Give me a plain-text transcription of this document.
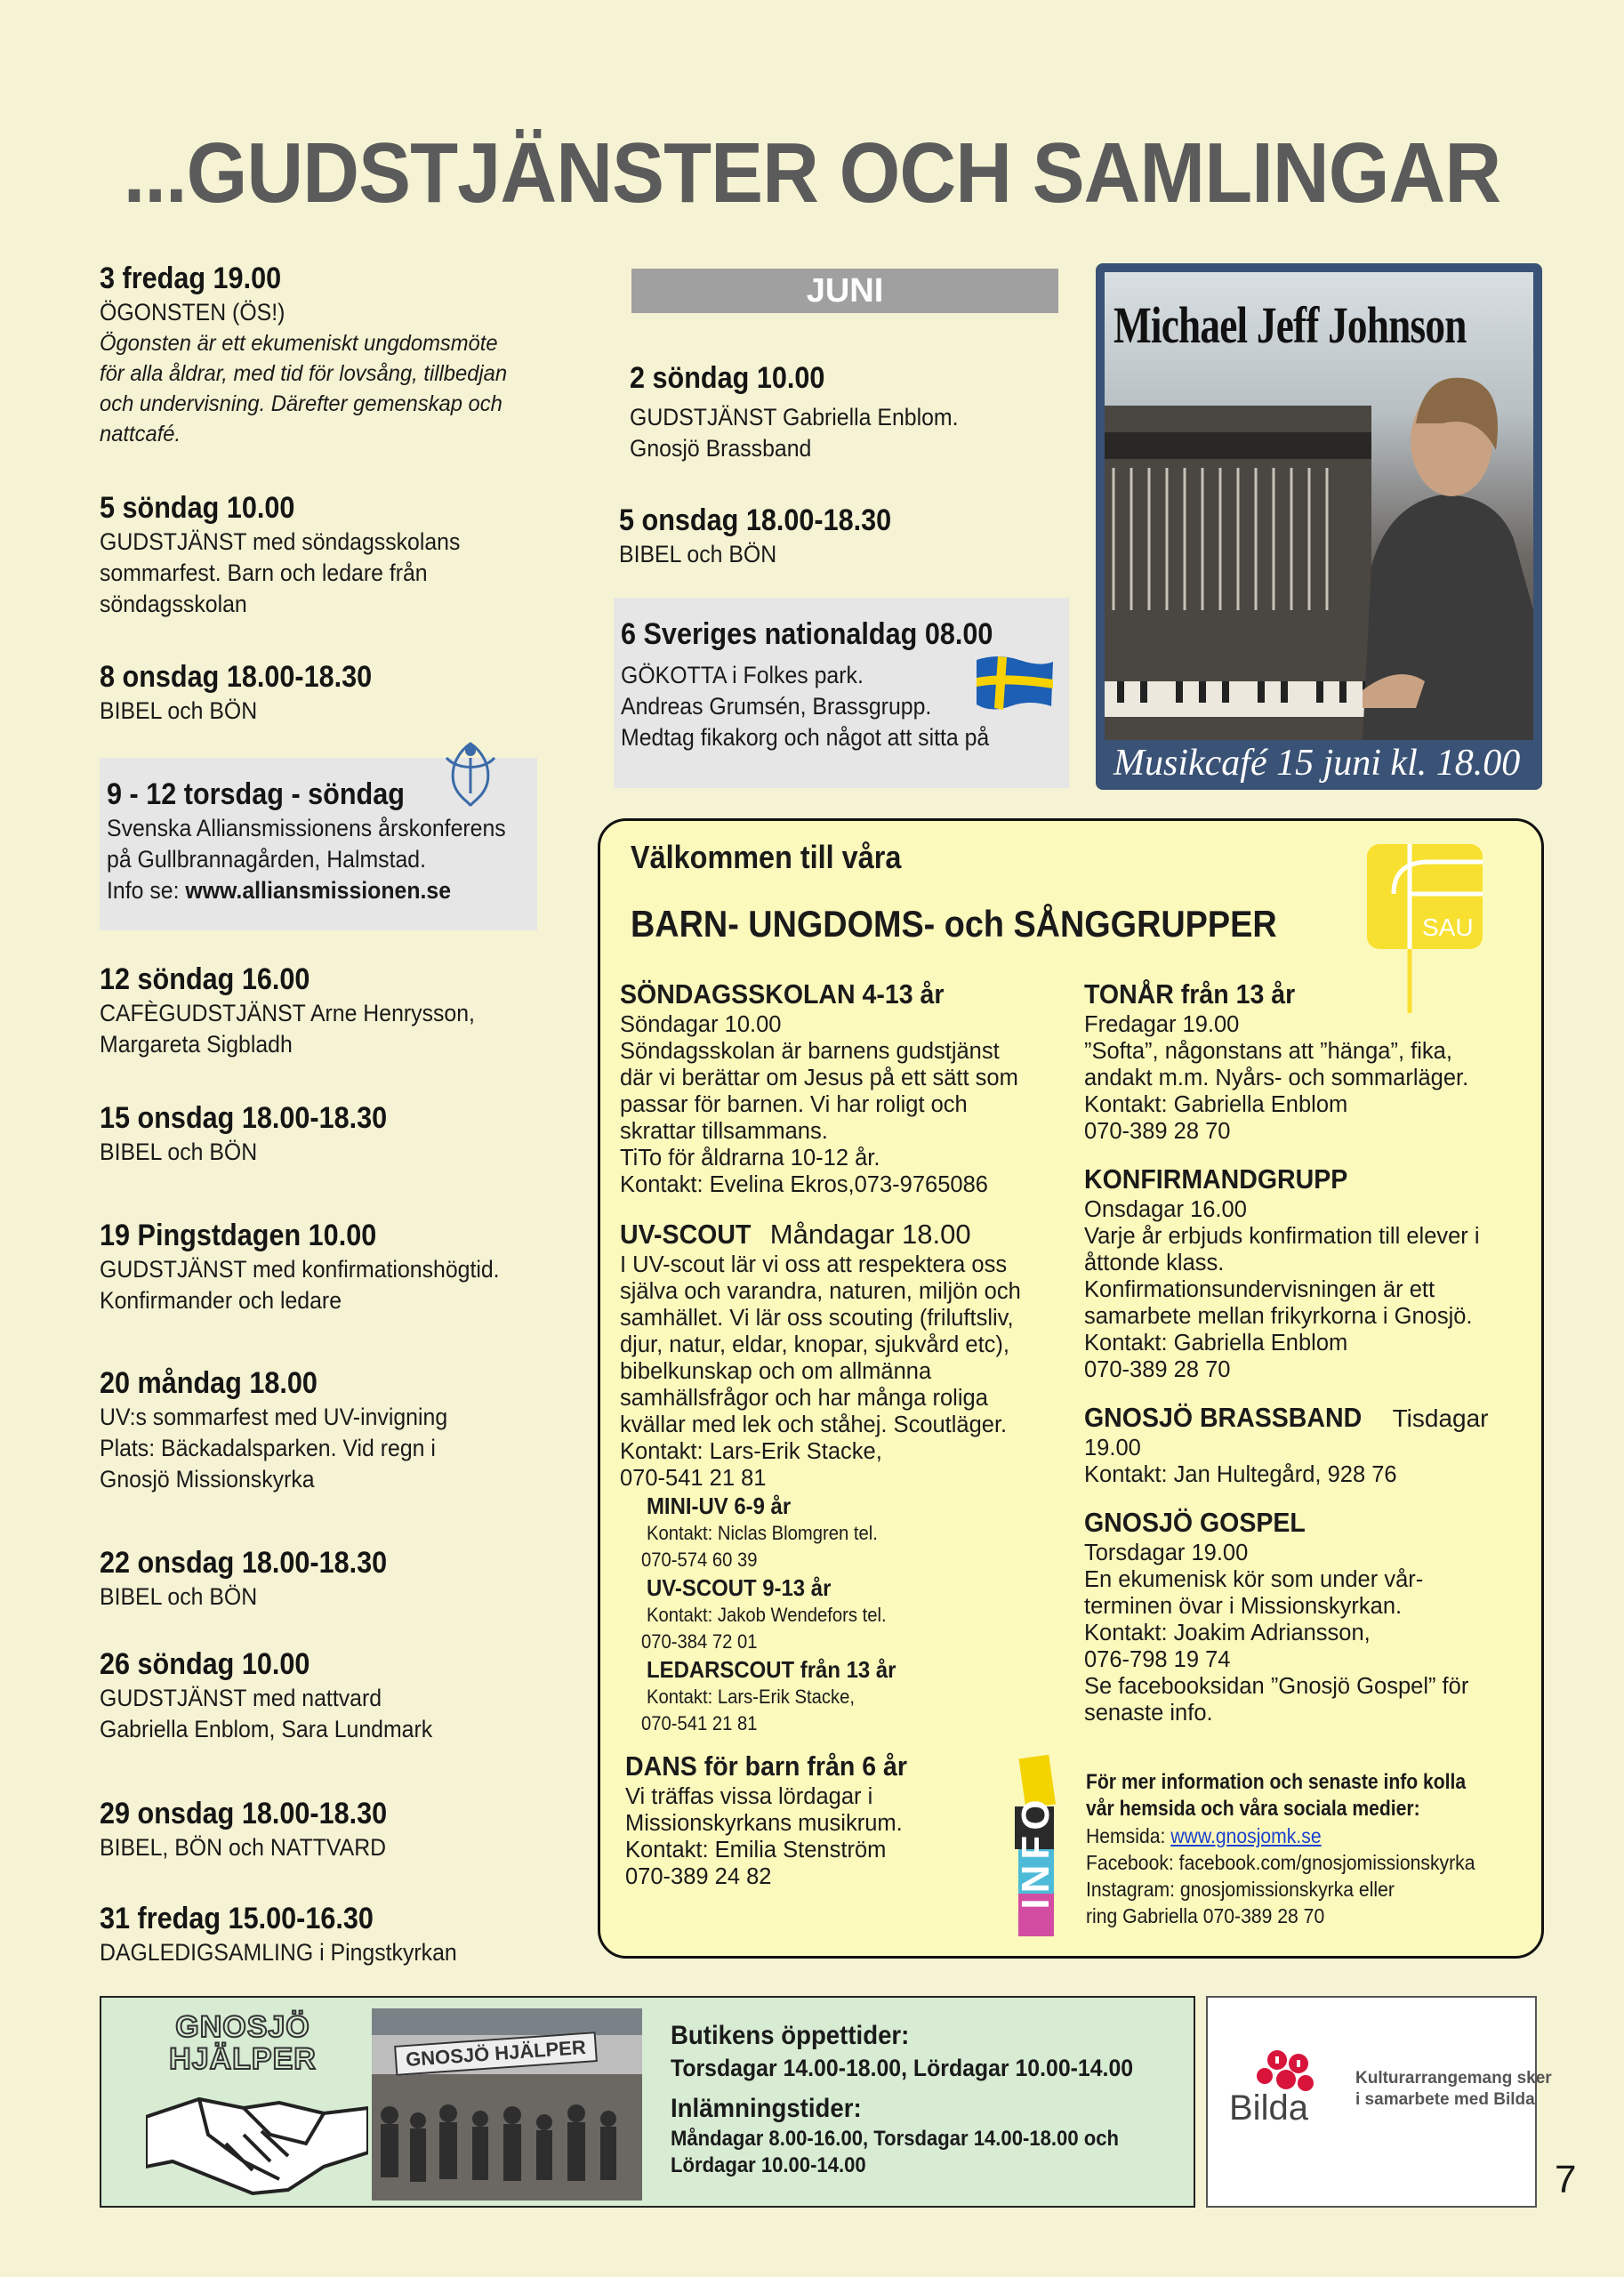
...GUDSTJÄNSTER OCH SAMLINGAR
3 fredag 19.00
ÖGONSTEN (ÖS!)
Ögonsten är ett ekumeniskt ungdomsmöte
för alla åldrar, med tid för lovsång, tillbedjan
och undervisning. Därefter gemenskap och
nattcafé.
5 söndag 10.00
GUDSTJÄNST med söndagsskolans
sommarfest. Barn och ledare från
söndagsskolan
8 onsdag 18.00-18.30
BIBEL och BÖN
9 - 12 torsdag - söndag
Svenska Alliansmissionens årskonferens
på Gullbrannagården, Halmstad.
Info se: www.alliansmissionen.se
12 söndag 16.00
CAFÈGUDSTJÄNST Arne Henrysson,
Margareta Sigbladh
15 onsdag 18.00-18.30
BIBEL och BÖN
19 Pingstdagen 10.00
GUDSTJÄNST med konfirmationshögtid.
Konfirmander och ledare
20 måndag 18.00
UV:s sommarfest med UV-invigning
Plats: Bäckadalsparken. Vid regn i
Gnosjö Missionskyrka
22 onsdag 18.00-18.30
BIBEL och BÖN
26 söndag 10.00
GUDSTJÄNST med nattvard
Gabriella Enblom, Sara Lundmark
29 onsdag 18.00-18.30
BIBEL, BÖN och NATTVARD
31 fredag 15.00-16.30
DAGLEDIGSAMLING i Pingstkyrkan
JUNI
2 söndag 10.00
GUDSTJÄNST Gabriella Enblom.
Gnosjö Brassband
5 onsdag 18.00-18.30
BIBEL och BÖN
6 Sveriges nationaldag 08.00
GÖKOTTA i Folkes park.
Andreas Grumsén, Brassgrupp.
Medtag fikakorg och något att sitta på
Michael Jeff Johnson
Musikcafé 15 juni kl. 18.00
Välkommen till våra
BARN- UNGDOMS- och SÅNGGRUPPER	SAU
SÖNDAGSSKOLAN 4-13 år
Söndagar 10.00
Söndagsskolan är barnens gudstjänst
där vi berättar om Jesus på ett sätt som
passar för barnen. Vi har roligt och
skrattar tillsammans.
TiTo för åldrarna 10-12 år.
Kontakt: Evelina Ekros,073-9765086
UV-SCOUT Måndagar 18.00
I UV-scout lär vi oss att respektera oss
själva och varandra, naturen, miljön och
samhället. Vi lär oss scouting (friluftsliv,
djur, natur, eldar, knopar, sjukvård etc),
bibelkunskap och om allmänna
samhällsfrågor och har många roliga
kvällar med lek och ståhej. Scoutläger.
Kontakt: Lars-Erik Stacke,
070-541 21 81
MINI-UV 6-9 år
Kontakt: Niclas Blomgren tel.
070-574 60 39
UV-SCOUT 9-13 år
Kontakt: Jakob Wendefors tel.
070-384 72 01
LEDARSCOUT från 13 år
Kontakt: Lars-Erik Stacke,
070-541 21 81
DANS för barn från 6 år
Vi träffas vissa lördagar i
Missionskyrkans musikrum.
Kontakt: Emilia Stenström
070-389 24 82
TONÅR från 13 år
Fredagar 19.00
”Softa”, någonstans att ”hänga”, fika,
andakt m.m. Nyårs- och sommarläger.
Kontakt: Gabriella Enblom
070-389 28 70
KONFIRMANDGRUPP
Onsdagar 16.00
Varje år erbjuds konfirmation till elever i
åttonde klass.
Konfirmationsundervisningen är ett
samarbete mellan frikyrkorna i Gnosjö.
Kontakt: Gabriella Enblom
070-389 28 70
GNOSJÖ BRASSBAND Tisdagar
19.00
Kontakt: Jan Hultegård, 928 76
GNOSJÖ GOSPEL
Torsdagar 19.00
En ekumenisk kör som under vår-
terminen övar i Missionskyrkan.
Kontakt: Joakim Adriansson,
076-798 19 74
Se facebooksidan ”Gnosjö Gospel” för
senaste info.
INFO
För mer information och senaste info kolla
vår hemsida och våra sociala medier:
Hemsida: www.gnosjomk.se
Facebook: facebook.com/gnosjomissionskyrka
Instagram: gnosjomissionskyrka eller
ring Gabriella 070-389 28 70
GNOSJÖ
HJÄLPER	GNOSJÖ HJÄLPER
Butikens öppettider:
Torsdagar 14.00-18.00, Lördagar 10.00-14.00
Inlämningstider:
Måndagar 8.00-16.00, Torsdagar 14.00-18.00 och
Lördagar 10.00-14.00
Bilda
Kulturarrangemang sker
i samarbete med Bilda
7
